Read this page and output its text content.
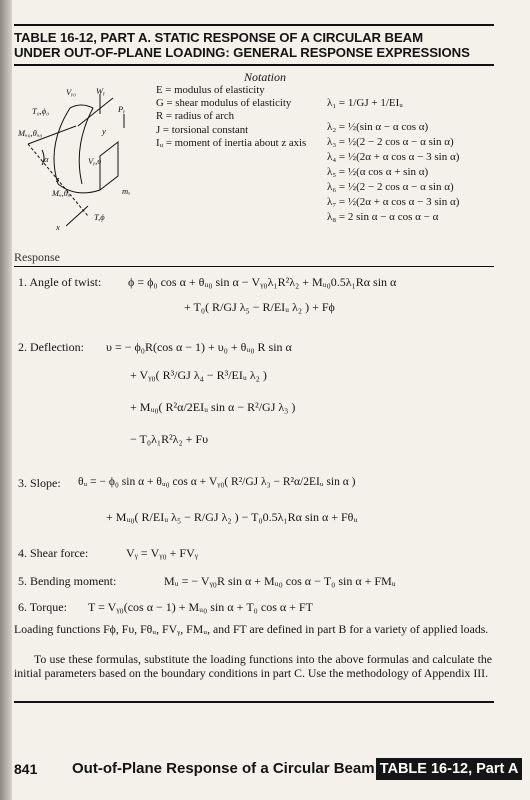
TABLE 16-12, PART A. STATIC RESPONSE OF A CIRCULAR BEAM
UNDER OUT-OF-PLANE LOADING: GENERAL RESPONSE EXPRESSIONS
Notation
Vᵧ₀ Wᵧ
T₀,ϕ₀	Pᵧ
Mᵤ₀,θᵤ₀	y
α	Vᵧ,υ
Mᵤ,θᵤ	mₓ
z
x
T,ϕ
E = modulus of elasticity
G = shear modulus of elasticity
R = radius of arch
J = torsional constant
Iᵤ = moment of inertia about z axis
λ₁ = 1/GJ + 1/EIᵤ
λ₂ = ½(sin α − α cos α)
λ₃ = ½(2 − 2 cos α − α sin α)
λ₄ = ½(2α + α cos α − 3 sin α)
λ₅ = ½(α cos α + sin α)
λ₆ = ½(2 − 2 cos α − α sin α)
λ₇ = ½(2α + α cos α − 3 sin α)
λ₈ = 2 sin α − α cos α − α
Response
1. Angle of twist: ϕ = ϕ₀ cos α + θᵤ₀ sin α − Vᵧ₀λ₁R²λ₂ + Mᵤ₀0.5λ₁Rα sin α
+ T₀( R/GJ λ₅ − R/EIᵤ λ₂ ) + Fϕ
2. Deflection: υ = − ϕ₀R(cos α − 1) + υ₀ + θᵤ₀ R sin α
+ Vᵧ₀( R³/GJ λ₄ − R³/EIᵤ λ₂ )
+ Mᵤ₀( R²α/2EIᵤ sin α − R²/GJ λ₃ )
− T₀λ₁R²λ₂ + Fυ
3. Slope: θᵤ = − ϕ₀ sin α + θᵤ₀ cos α + Vᵧ₀( R²/GJ λ₃ − R²α/2EIᵤ sin α )
+ Mᵤ₀( R/EIᵤ λ₅ − R/GJ λ₂ ) − T₀0.5λ₁Rα sin α + Fθᵤ
4. Shear force:	Vᵧ = Vᵧ₀ + FVᵧ
5. Bending moment:	Mᵤ = − Vᵧ₀R sin α + Mᵤ₀ cos α − T₀ sin α + FMᵤ
6. Torque: T = Vᵧ₀(cos α − 1) + Mᵤ₀ sin α + T₀ cos α + FT
Loading functions Fϕ, Fυ, Fθᵤ, FVᵧ, FMᵤ, and FT are defined in part B for a variety of applied loads.
To use these formulas, substitute the loading functions into the above formulas and calculate the initial parameters based on the boundary conditions in part C. Use the methodology of Appendix III.
841 Out-of-Plane Response of a Circular Beam TABLE 16-12, Part A
